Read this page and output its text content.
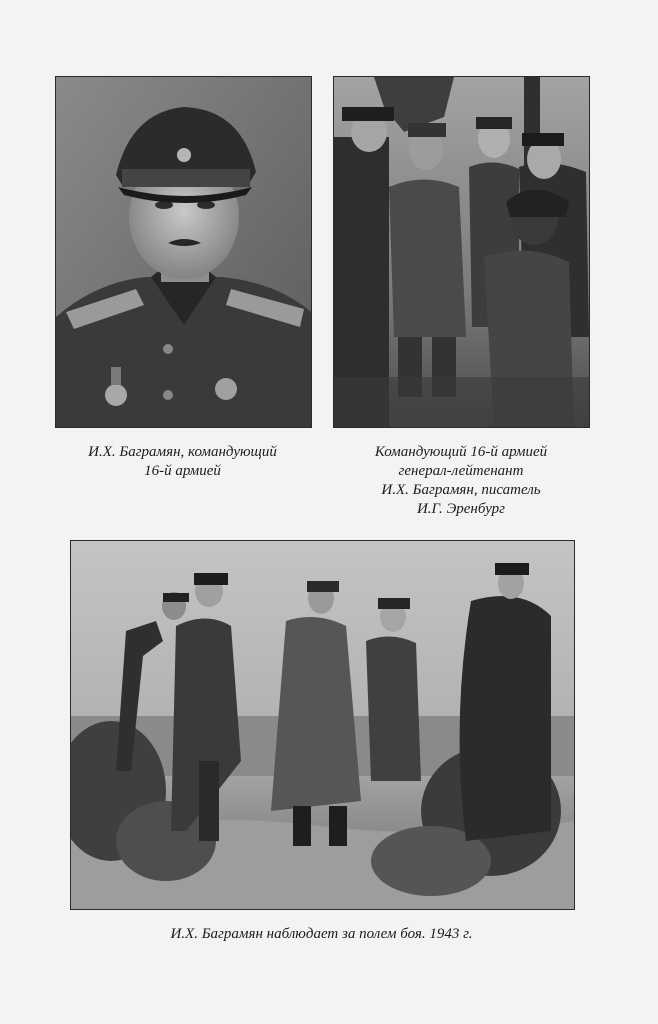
И.Х. Баграмян, командующий
16-й армией
Командующий 16-й армией
генерал-лейтенант
И.Х. Баграмян, писатель
И.Г. Эренбург
И.Х. Баграмян наблюдает за полем боя. 1943 г.
